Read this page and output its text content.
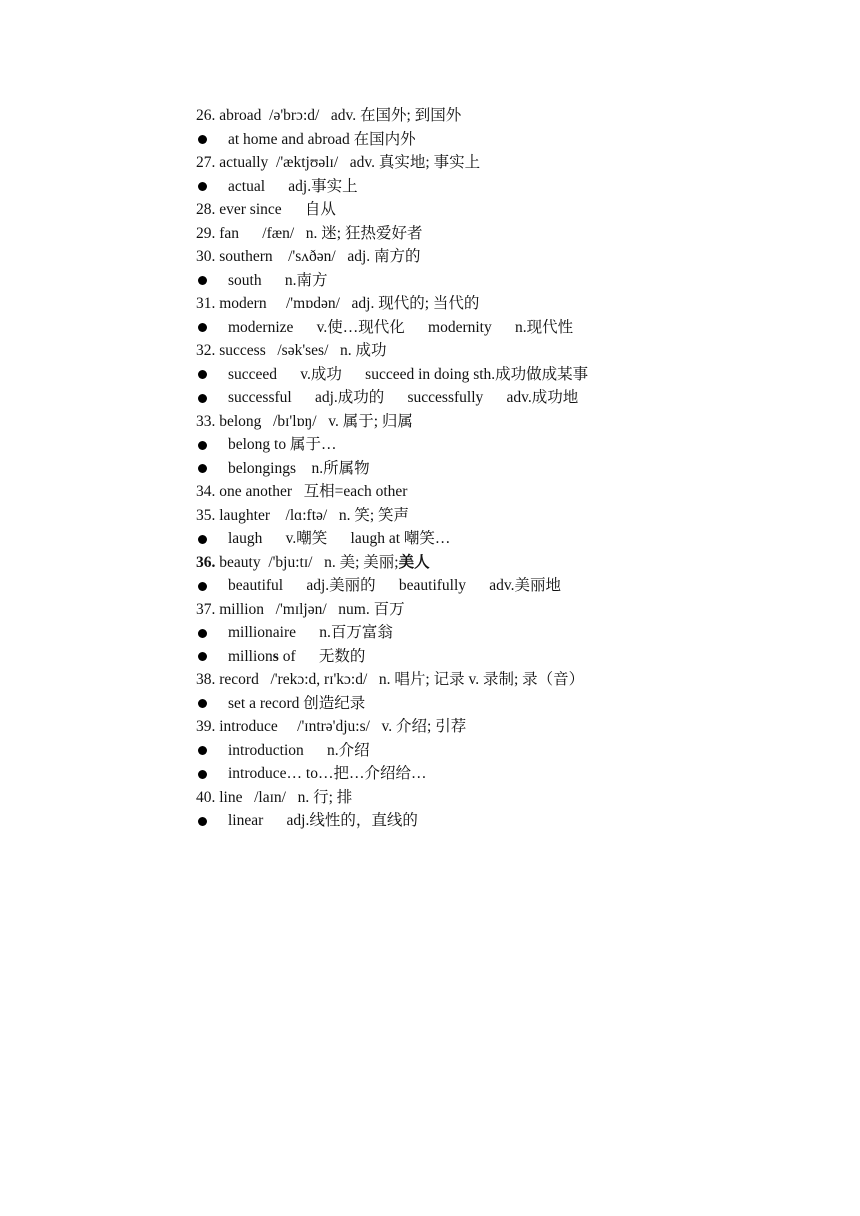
26. abroad  /ə'brɔ:d/   adv. 在国外; 到国外
at home and abroad 在国内外
27. actually  /'æktjʊəlɪ/   adv. 真实地; 事实上
actual      adj.事实上
28. ever since      自从
29. fan      /fæn/   n. 迷; 狂热爱好者
30. southern    /'sʌðən/   adj. 南方的
south      n.南方
31. modern     /'mɒdən/   adj. 现代的; 当代的
modernize      v.使…现代化      modernity      n.现代性
32. success   /sək'ses/   n. 成功
succeed      v.成功      succeed in doing sth.成功做成某事
successful      adj.成功的      successfully      adv.成功地
33. belong   /bɪ'lɒŋ/   v. 属于; 归属
belong to 属于…
belongings    n.所属物
34. one another   互相=each other
35. laughter    /lɑ:ftə/   n. 笑; 笑声
laugh      v.嘲笑      laugh at 嘲笑…
36. beauty  /'bju:tɪ/   n. 美; 美丽;美人
beautiful      adj.美丽的      beautifully      adv.美丽地
37. million   /'mɪljən/   num. 百万
millionaire      n.百万富翁
millions of      无数的
38. record   /'rekɔ:d, rɪ'kɔ:d/   n. 唱片; 记录 v. 录制; 录（音）
set a record 创造纪录
39. introduce     /'ɪntrə'dju:s/   v. 介绍; 引荐
introduction      n.介绍
introduce… to…把…介绍给…
40. line   /laɪn/   n. 行; 排
linear      adj.线性的，直线的
